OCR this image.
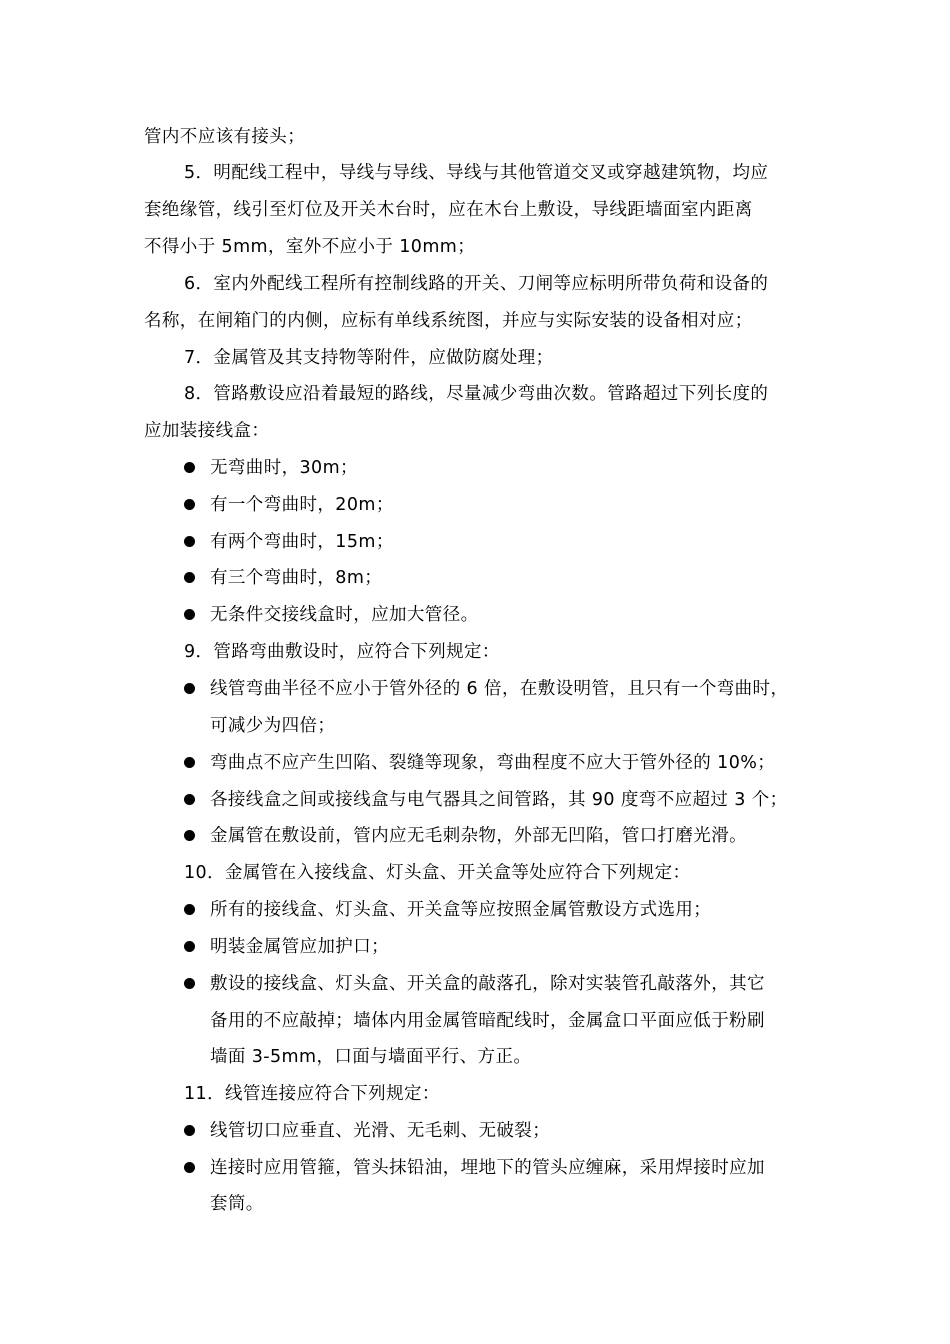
管内不应该有接头；
5．明配线工程中，导线与导线、导线与其他管道交叉或穿越建筑物，均应
套绝缘管，线引至灯位及开关木台时，应在木台上敷设，导线距墙面室内距离
不得小于 5mm，室外不应小于 10mm；
6．室内外配线工程所有控制线路的开关、刀闸等应标明所带负荷和设备的
名称，在闸箱门的内侧，应标有单线系统图，并应与实际安装的设备相对应；
7．金属管及其支持物等附件，应做防腐处理；
8．管路敷设应沿着最短的路线，尽量减少弯曲次数。管路超过下列长度的
应加装接线盒：
无弯曲时，30m；
有一个弯曲时，20m；
有两个弯曲时，15m；
有三个弯曲时，8m；
无条件交接线盒时，应加大管径。
9．管路弯曲敷设时，应符合下列规定：
线管弯曲半径不应小于管外径的 6 倍，在敷设明管，且只有一个弯曲时，
可减少为四倍；
弯曲点不应产生凹陷、裂缝等现象，弯曲程度不应大于管外径的 10%；
各接线盒之间或接线盒与电气器具之间管路，其 90 度弯不应超过 3 个；
金属管在敷设前，管内应无毛刺杂物，外部无凹陷，管口打磨光滑。
10．金属管在入接线盒、灯头盒、开关盒等处应符合下列规定：
所有的接线盒、灯头盒、开关盒等应按照金属管敷设方式选用；
明装金属管应加护口；
敷设的接线盒、灯头盒、开关盒的敲落孔，除对实装管孔敲落外，其它
备用的不应敲掉；墙体内用金属管暗配线时，金属盒口平面应低于粉刷
墙面 3-5mm，口面与墙面平行、方正。
11．线管连接应符合下列规定：
线管切口应垂直、光滑、无毛刺、无破裂；
连接时应用管箍，管头抹铅油，埋地下的管头应缠麻，采用焊接时应加
套筒。
